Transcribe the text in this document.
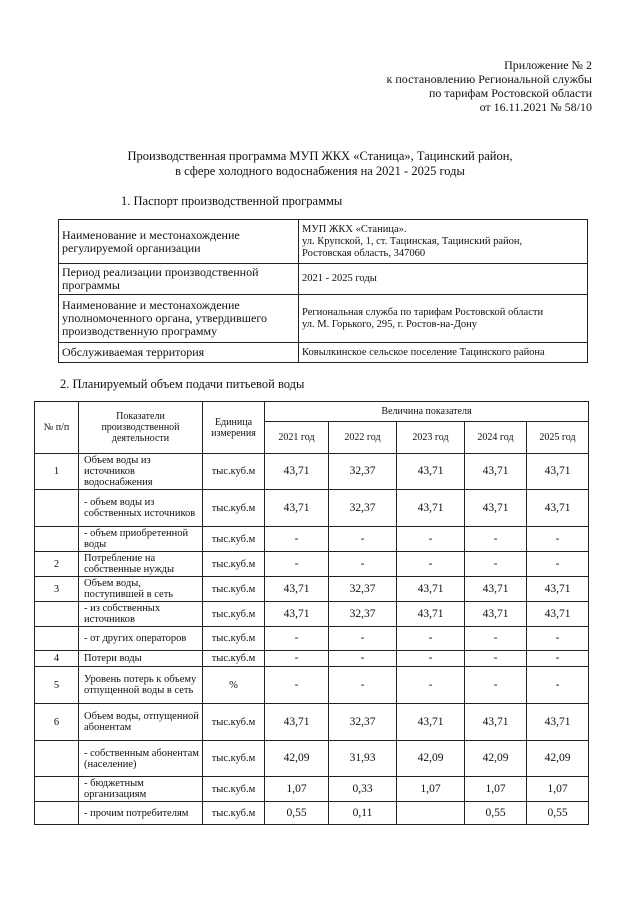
Приложение № 2
к постановлению Региональной службы
по тарифам Ростовской области
от 16.11.2021 № 58/10
Производственная программа МУП ЖКХ «Станица», Тацинский район,
в сфере холодного водоснабжения на 2021 - 2025 годы
1. Паспорт производственной программы
Наименование и местонахождение регулируемой организации	МУП ЖКХ «Станица».
ул. Крупской, 1, ст. Тацинская, Тацинский район,
Ростовская область, 347060

Период реализации производственной программы	2021 - 2025 годы

Наименование и местонахождение уполномоченного органа, утвердившего производственную программу	Региональная служба по тарифам Ростовской области
ул. М. Горького, 295, г. Ростов-на-Дону

Обслуживаемая территория	Ковылкинское сельское поселение Тацинского района
2. Планируемый объем подачи питьевой воды
№ п/п	Показатели производственной деятельности	Единица измерения	Величина показателя				
			2021 год	2022 год	2023 год	2024 год	2025 год
1	Объем воды из источников водоснабжения	тыс.куб.м	43,71	32,37	43,71	43,71	43,71
	- объем воды из собственных источников	тыс.куб.м	43,71	32,37	43,71	43,71	43,71
	- объем приобретенной воды	тыс.куб.м	-	-	-	-	-
2	Потребление на собственные нужды	тыс.куб.м	-	-	-	-	-
3	Объем воды, поступившей в сеть	тыс.куб.м	43,71	32,37	43,71	43,71	43,71
	- из собственных источников	тыс.куб.м	43,71	32,37	43,71	43,71	43,71
	- от других операторов	тыс.куб.м	-	-	-	-	-
4	Потери воды	тыс.куб.м	-	-	-	-	-
5	Уровень потерь к объему отпущенной воды в сеть	%	-	-	-	-	-
6	Объем воды, отпущенной абонентам	тыс.куб.м	43,71	32,37	43,71	43,71	43,71
	- собственным абонентам (население)	тыс.куб.м	42,09	31,93	42,09	42,09	42,09
	- бюджетным организациям	тыс.куб.м	1,07	0,33	1,07	1,07	1,07
	- прочим потребителям	тыс.куб.м	0,55	0,11		0,55	0,55
